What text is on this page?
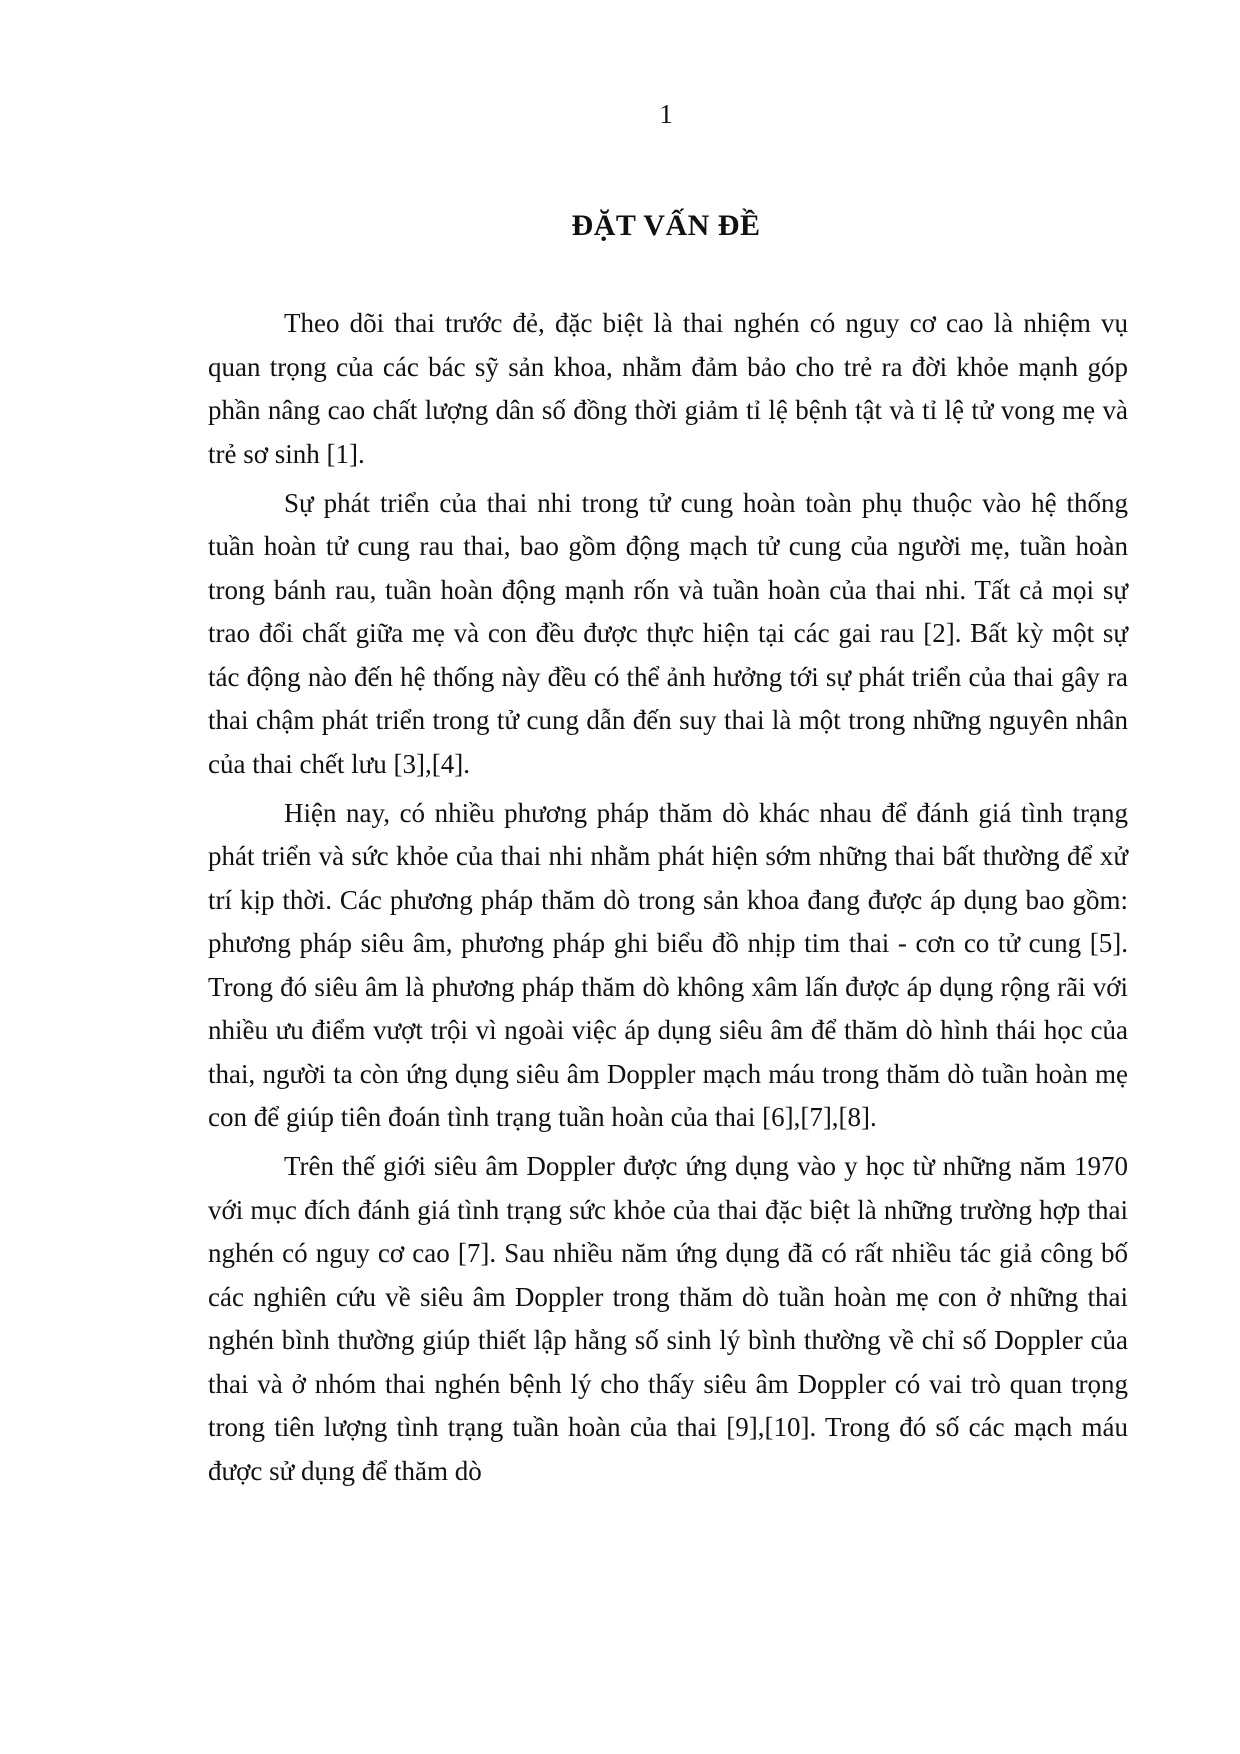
1
ĐẶT VẤN ĐỀ

Theo dõi thai trước đẻ, đặc biệt là thai nghén có nguy cơ cao là nhiệm vụ quan trọng của các bác sỹ sản khoa, nhằm đảm bảo cho trẻ ra đời khỏe mạnh góp phần nâng cao chất lượng dân số đồng thời giảm tỉ lệ bệnh tật và tỉ lệ tử vong mẹ và trẻ sơ sinh [1].

Sự phát triển của thai nhi trong tử cung hoàn toàn phụ thuộc vào hệ thống tuần hoàn tử cung rau thai, bao gồm động mạch tử cung của người mẹ, tuần hoàn trong bánh rau, tuần hoàn động mạnh rốn và tuần hoàn của thai nhi. Tất cả mọi sự trao đổi chất giữa mẹ và con đều được thực hiện tại các gai rau [2]. Bất kỳ một sự tác động nào đến hệ thống này đều có thể ảnh hưởng tới sự phát triển của thai gây ra thai chậm phát triển trong tử cung dẫn đến suy thai là một trong những nguyên nhân của thai chết lưu [3],[4].

Hiện nay, có nhiều phương pháp thăm dò khác nhau để đánh giá tình trạng phát triển và sức khỏe của thai nhi nhằm phát hiện sớm những thai bất thường để xử trí kịp thời. Các phương pháp thăm dò trong sản khoa đang được áp dụng bao gồm: phương pháp siêu âm, phương pháp ghi biểu đồ nhịp tim thai - cơn co tử cung [5]. Trong đó siêu âm là phương pháp thăm dò không xâm lấn được áp dụng rộng rãi với nhiều ưu điểm vượt trội vì ngoài việc áp dụng siêu âm để thăm dò hình thái học của thai, người ta còn ứng dụng siêu âm Doppler mạch máu trong thăm dò tuần hoàn mẹ con để giúp tiên đoán tình trạng tuần hoàn của thai [6],[7],[8].

Trên thế giới siêu âm Doppler được ứng dụng vào y học từ những năm 1970 với mục đích đánh giá tình trạng sức khỏe của thai đặc biệt là những trường hợp thai nghén có nguy cơ cao [7]. Sau nhiều năm ứng dụng đã có rất nhiều tác giả công bố các nghiên cứu về siêu âm Doppler trong thăm dò tuần hoàn mẹ con ở những thai nghén bình thường giúp thiết lập hằng số sinh lý bình thường về chỉ số Doppler của thai và ở nhóm thai nghén bệnh lý cho thấy siêu âm Doppler có vai trò quan trọng trong tiên lượng tình trạng tuần hoàn của thai [9],[10]. Trong đó số các mạch máu được sử dụng để thăm dò
